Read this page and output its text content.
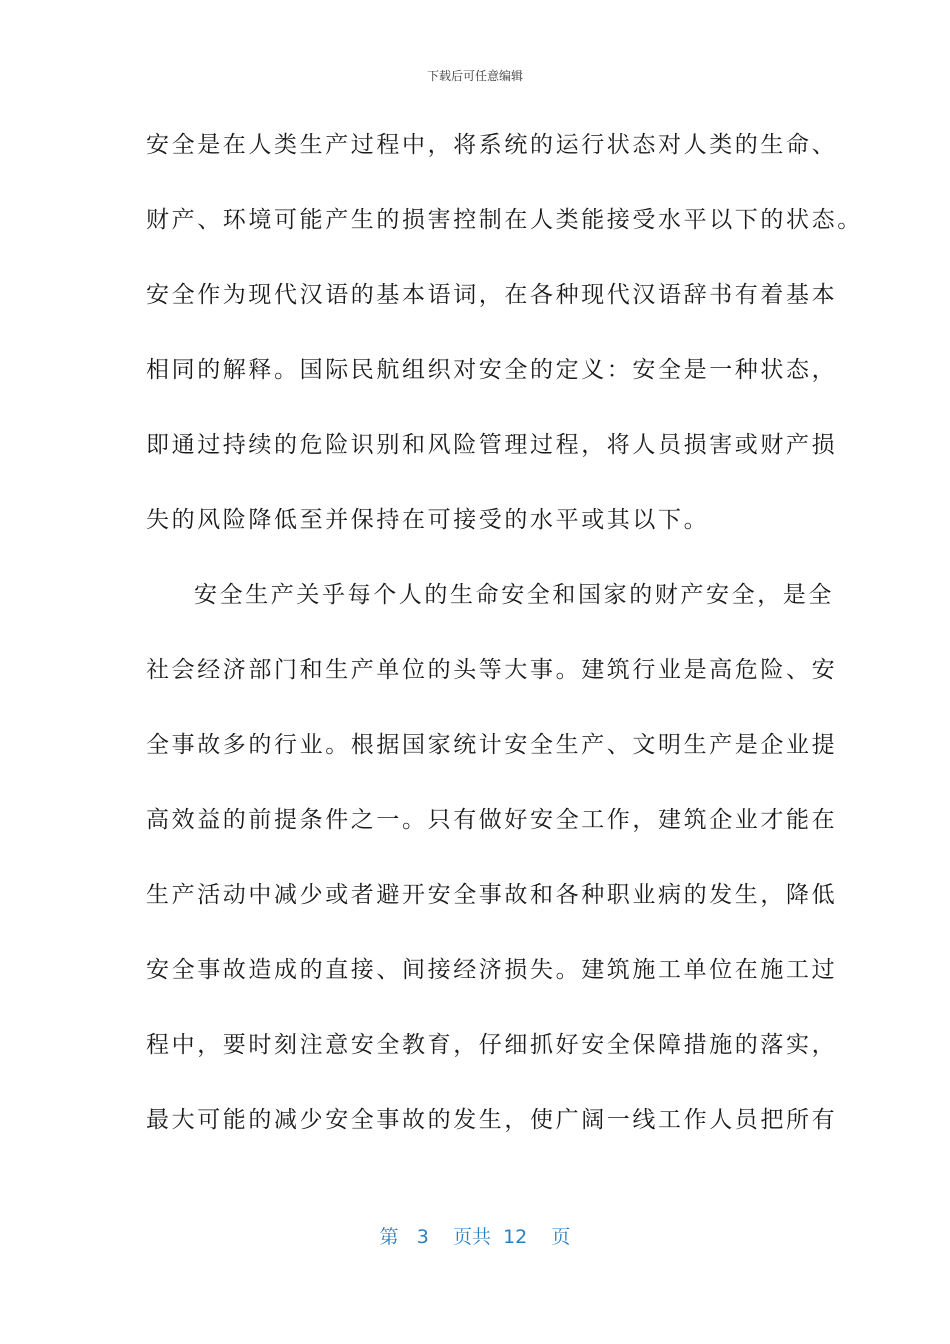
下载后可任意编辑
安全是在人类生产过程中，将系统的运行状态对人类的生命、
财产、环境可能产生的损害控制在人类能接受水平以下的状态。
安全作为现代汉语的基本语词，在各种现代汉语辞书有着基本
相同的解释。国际民航组织对安全的定义：安全是一种状态，
即通过持续的危险识别和风险管理过程，将人员损害或财产损
失的风险降低至并保持在可接受的水平或其以下。
安全生产关乎每个人的生命安全和国家的财产安全，是全
社会经济部门和生产单位的头等大事。建筑行业是高危险、安
全事故多的行业。根据国家统计安全生产、文明生产是企业提
高效益的前提条件之一。只有做好安全工作，建筑企业才能在
生产活动中减少或者避开安全事故和各种职业病的发生，降低
安全事故造成的直接、间接经济损失。建筑施工单位在施工过
程中，要时刻注意安全教育，仔细抓好安全保障措施的落实，
最大可能的减少安全事故的发生，使广阔一线工作人员把所有
第 3 页共 12 页
